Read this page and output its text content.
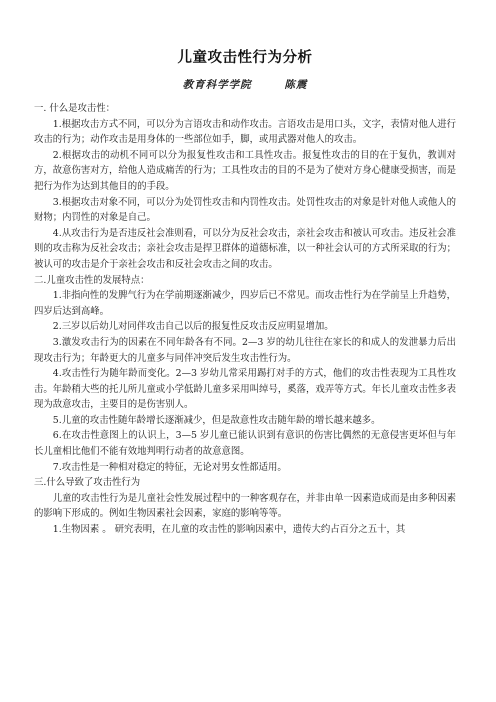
儿童攻击性行为分析
教育科学学院	陈震
一. 什么是攻击性：

1.根据攻击方式不同，可以分为言语攻击和动作攻击。言语攻击是用口头，文字，表情对他人进行攻击的行为；动作攻击是用身体的一些部位如手，脚，或用武器对他人的攻击。

2.根据攻击的动机不同可以分为报复性攻击和工具性攻击。报复性攻击的目的在于复仇，教训对方，故意伤害对方，给他人造成痛苦的行为；工具性攻击的目的不是为了使对方身心健康受损害，而是把行为作为达到其他目的的手段。

3.根据攻击对象不同，可以分为处罚性攻击和内罚性攻击。处罚性攻击的对象是针对他人或他人的财物；内罚性的对象是自己。

4.从攻击行为是否违反社会准则看，可以分为反社会攻击，亲社会攻击和被认可攻击。违反社会准则的攻击称为反社会攻击；亲社会攻击是捍卫群体的道德标准，以一种社会认可的方式所采取的行为；被认可的攻击是介于亲社会攻击和反社会攻击之间的攻击。

二.儿童攻击性的发展特点：

1.非指向性的发脾气行为在学前期逐渐减少，四岁后已不常见。而攻击性行为在学前呈上升趋势，四岁后达到高峰。

2.三岁以后幼儿对同伴攻击自己以后的报复性反攻击反应明显增加。

3.激发攻击行为的因素在不同年龄各有不同。2—3 岁的幼儿往往在家长的和成人的发泄暴力后出现攻击行为；年龄更大的儿童多与同伴冲突后发生攻击性行为。

4.攻击性行为随年龄而变化。2—3 岁幼儿常采用踢打对手的方式，他们的攻击性表现为工具性攻击。年龄稍大些的托儿所儿童或小学低龄儿童多采用叫绰号，奚落，戏弄等方式。年长儿童攻击性多表现为敌意攻击，主要目的是伤害别人。

5.儿童的攻击性随年龄增长逐渐减少，但是敌意性攻击随年龄的增长越来越多。

6.在攻击性意图上的认识上，3—5 岁儿童已能认识到有意识的伤害比偶然的无意侵害更坏但与年长儿童相比他们不能有效地判明行动者的故意意图。

7.攻击性是一种相对稳定的特征，无论对男女性都适用。

三.什么导致了攻击性行为

儿童的攻击性行为是儿童社会性发展过程中的一种客观存在，并非由单一因素造成而是由多种因素的影响下形成的。例如生物因素社会因素，家庭的影响等等。

1.生物因素 。 研究表明，在儿童的攻击性的影响因素中，遗传大约占百分之五十，其
